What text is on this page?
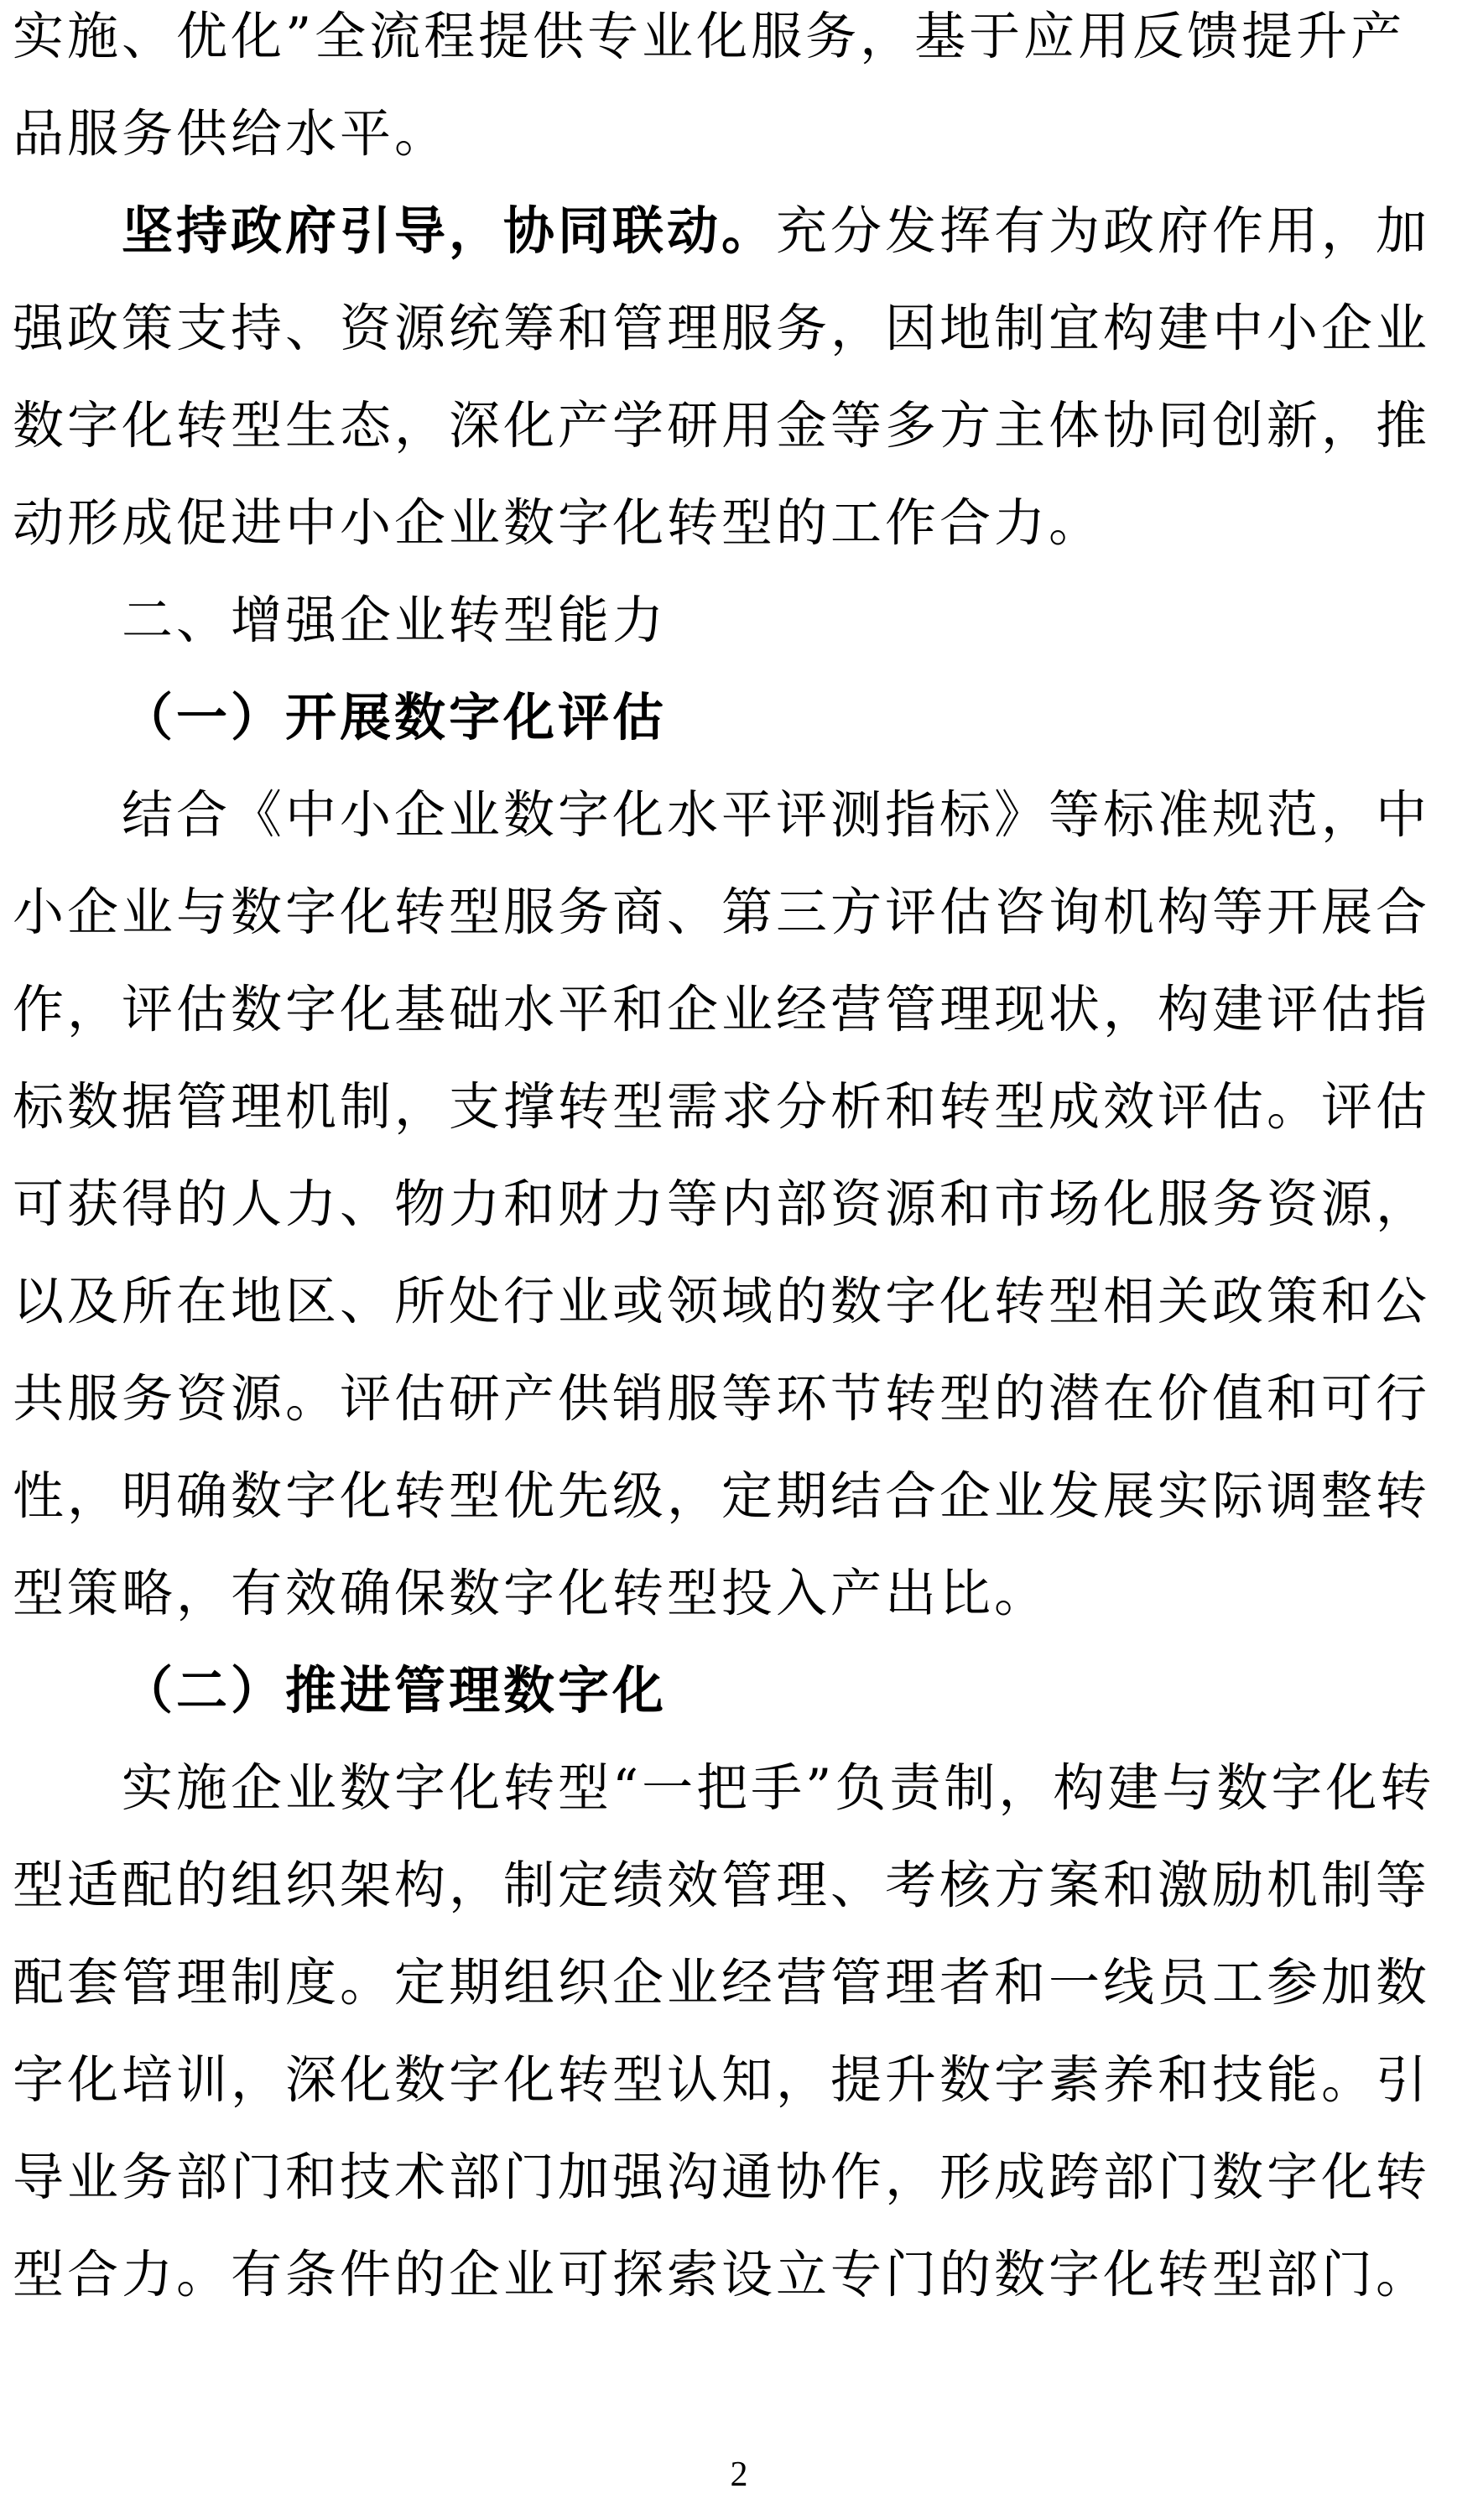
实施、优化”全流程提供专业化服务，基于应用反馈提升产
品服务供给水平。
坚持政府引导，协同联动。充分发挥有为政府作用，加
强政策支持、资源统筹和管理服务，因地制宜构建中小企业
数字化转型生态，深化产学研用金等多方主体协同创新，推
动形成促进中小企业数字化转型的工作合力。
二、增强企业转型能力
（一）开展数字化评估
结合《中小企业数字化水平评测指标》等标准规范，中
小企业与数字化转型服务商、第三方评估咨询机构等开展合
作，评估数字化基础水平和企业经营管理现状，构建评估指
标数据管理机制，支撑转型需求分析和转型成效评估。评估
可获得的人力、物力和财力等内部资源和市场化服务资源，
以及所在地区、所处行业或领域的数字化转型相关政策和公
共服务资源。评估研产供销服等环节转型的潜在价值和可行
性，明确数字化转型优先级，定期结合企业发展实际调整转
型策略，有效确保数字化转型投入产出比。
（二）推进管理数字化
实施企业数字化转型“一把手”负责制，构建与数字化转
型适配的组织架构，制定绩效管理、考核方案和激励机制等
配套管理制度。定期组织企业经营管理者和一线员工参加数
字化培训，深化数字化转型认知，提升数字素养和技能。引
导业务部门和技术部门加强沟通协作，形成跨部门数字化转
型合力。有条件的企业可探索设立专门的数字化转型部门。
2
